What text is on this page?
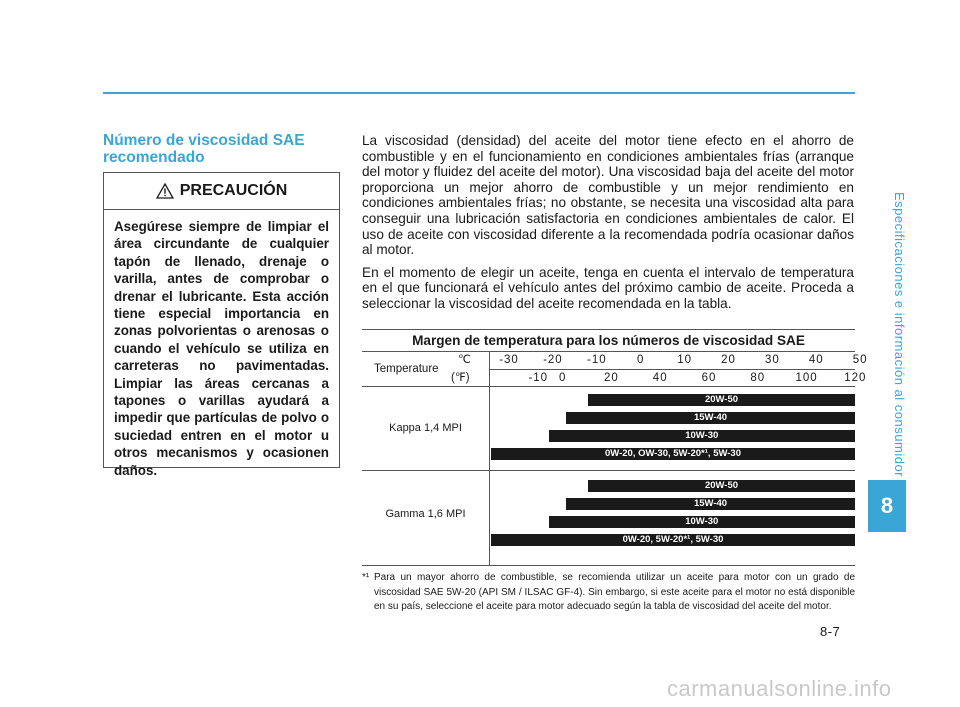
Especificaciones e información al consumidor
8
Número de viscosidad SAE recomendado
PRECAUCIÓN

Asegúrese siempre de limpiar el área circundante de cualquier tapón de llenado, drenaje o varilla, antes de comprobar o drenar el lubricante. Esta acción tiene especial importancia en zonas polvorientas o arenosas o cuando el vehículo se utiliza en carreteras no pavimentadas. Limpiar las áreas cercanas a tapones o varillas ayudará a impedir que partículas de polvo o suciedad entren en el motor u otros mecanismos y ocasionen daños.

La viscosidad (densidad) del aceite del motor tiene efecto en el ahorro de combustible y en el funcionamiento en condiciones ambientales frías (arranque del motor y fluidez del aceite del motor). Una viscosidad baja del aceite del motor proporciona un mejor ahorro de combustible y un mejor rendimiento en condiciones ambientales frías; no obstante, se necesita una viscosidad alta para conseguir una lubricación satisfactoria en condiciones ambientales de calor. El uso de aceite con viscosidad diferente a la recomendada podría ocasionar daños al motor.

En el momento de elegir un aceite, tenga en cuenta el intervalo de temperatura en el que funcionará el vehículo antes del próximo cambio de aceite. Proceda a seleccionar la viscosidad del aceite recomendada en la tabla.

Margen de temperatura para los números de viscosidad SAE
Temperature
℃
(℉)
-30 -20 -10	0	10	20	30	40	50
-10 0	20	40	60	80	100 120
Kappa 1,4 MPI
20W-50
15W-40
10W-30
0W-20, OW-30, 5W-20*¹, 5W-30
Gamma 1,6 MPI
20W-50
15W-40
10W-30
0W-20, 5W-20*¹, 5W-30

*¹ Para un mayor ahorro de combustible, se recomienda utilizar un aceite para motor con un grado de viscosidad SAE 5W-20 (API SM / ILSAC GF-4). Sin embargo, si este aceite para el motor no está disponible en su país, seleccione el aceite para motor adecuado según la tabla de viscosidad del aceite del motor.

8-7
carmanualsonline.info
